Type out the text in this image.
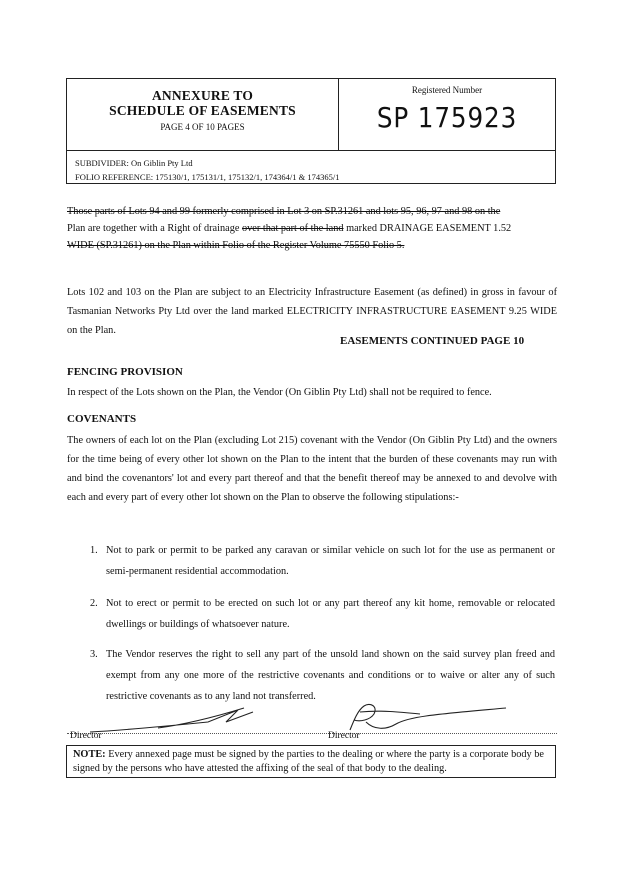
ANNEXURE TO
SCHEDULE OF EASEMENTS
PAGE 4 OF 10 PAGES
Registered Number
SP 175923
SUBDIVIDER: On Giblin Pty Ltd
FOLIO REFERENCE: 175130/1, 175131/1, 175132/1, 174364/1 & 174365/1
Those parts of Lots 94 and 99 formerly comprised in Lot 3 on SP.31261 and lots 95, 96, 97 and 98 on the
Plan are together with a Right of drainage over that part of the land marked DRAINAGE EASEMENT 1.52
WIDE (SP.31261) on the Plan within Folio of the Register Volume 75550 Folio 5.
Lots 102 and 103 on the Plan are subject to an Electricity Infrastructure Easement (as defined) in gross in favour of Tasmanian Networks Pty Ltd over the land marked ELECTRICITY INFRASTRUCTURE EASEMENT 9.25 WIDE on the Plan.
EASEMENTS CONTINUED PAGE 10
FENCING PROVISION
In respect of the Lots shown on the Plan, the Vendor (On Giblin Pty Ltd) shall not be required to fence.
COVENANTS
The owners of each lot on the Plan (excluding Lot 215) covenant with the Vendor (On Giblin Pty Ltd) and the owners for the time being of every other lot shown on the Plan to the intent that the burden of these covenants may run with and bind the covenantors' lot and every part thereof and that the benefit thereof may be annexed to and devolve with each and every part of every other lot shown on the Plan to observe the following stipulations:-
1. Not to park or permit to be parked any caravan or similar vehicle on such lot for the use as permanent or semi-permanent residential accommodation.
2. Not to erect or permit to be erected on such lot or any part thereof any kit home, removable or relocated dwellings or buildings of whatsoever nature.
3. The Vendor reserves the right to sell any part of the unsold land shown on the said survey plan freed and exempt from any one more of the restrictive covenants and conditions or to waive or alter any of such restrictive covenants as to any land not transferred.
Director	Director
NOTE: Every annexed page must be signed by the parties to the dealing or where the party is a corporate body be signed by the persons who have attested the affixing of the seal of that body to the dealing.
